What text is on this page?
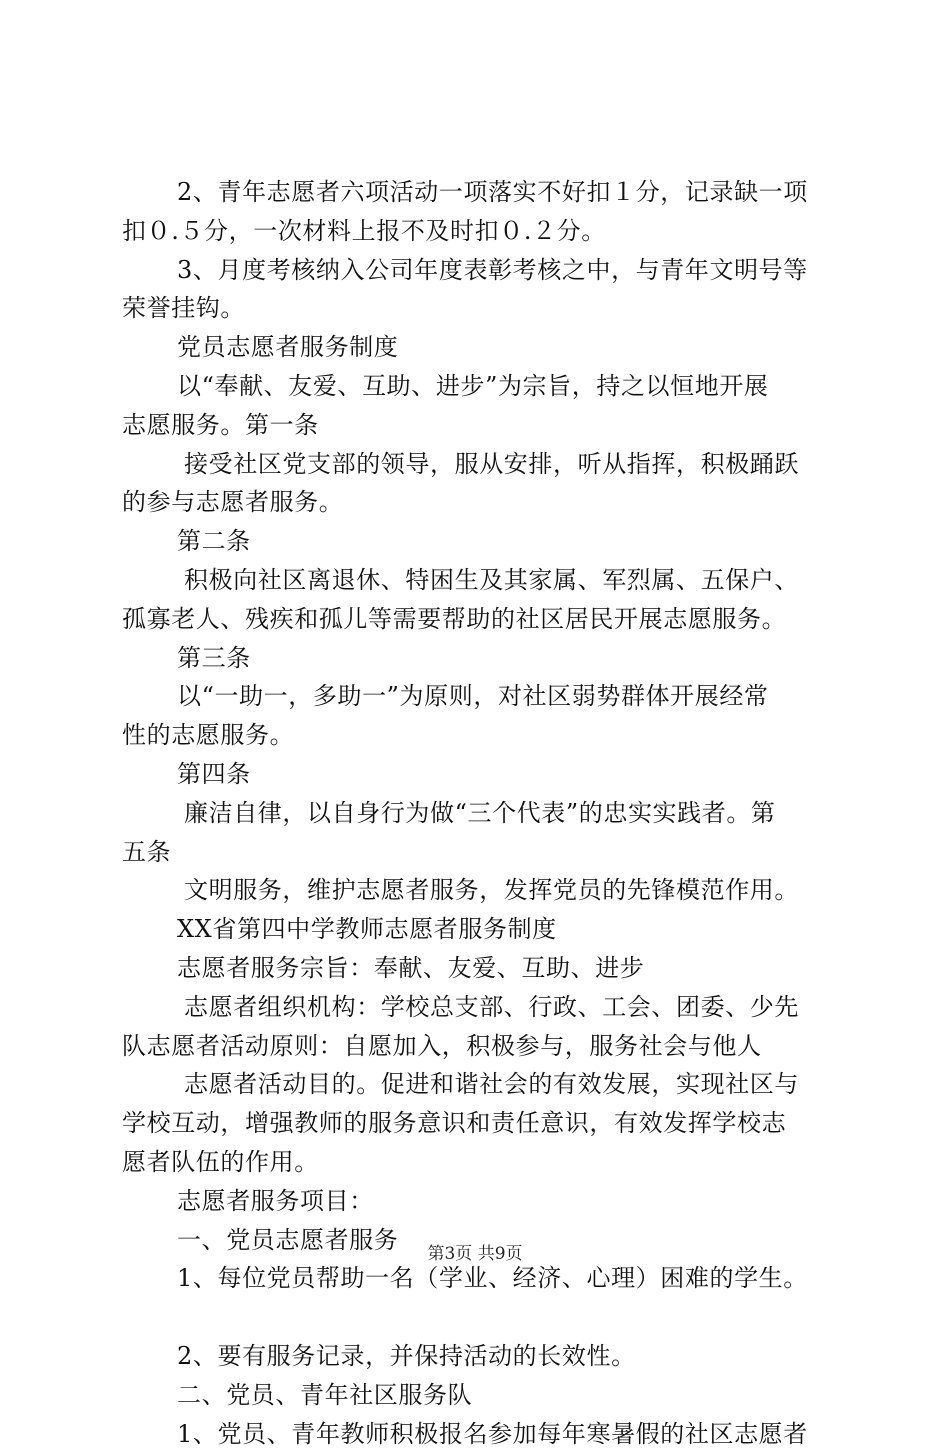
2、青年志愿者六项活动一项落实不好扣１分，记录缺一项
扣０.５分，一次材料上报不及时扣０.２分。
3、月度考核纳入公司年度表彰考核之中，与青年文明号等
荣誉挂钩。
党员志愿者服务制度
以“奉献、友爱、互助、进步”为宗旨，持之以恒地开展
志愿服务。第一条
接受社区党支部的领导，服从安排，听从指挥，积极踊跃
的参与志愿者服务。
第二条
积极向社区离退休、特困生及其家属、军烈属、五保户、
孤寡老人、残疾和孤儿等需要帮助的社区居民开展志愿服务。
第三条
以“一助一，多助一”为原则，对社区弱势群体开展经常
性的志愿服务。
第四条
廉洁自律，以自身行为做“三个代表”的忠实实践者。第
五条
文明服务，维护志愿者服务，发挥党员的先锋模范作用。
XX省第四中学教师志愿者服务制度
志愿者服务宗旨：奉献、友爱、互助、进步
志愿者组织机构：学校总支部、行政、工会、团委、少先
队志愿者活动原则：自愿加入，积极参与，服务社会与他人
志愿者活动目的。促进和谐社会的有效发展，实现社区与
学校互动，增强教师的服务意识和责任意识，有效发挥学校志
愿者队伍的作用。
志愿者服务项目：
一、党员志愿者服务
1、每位党员帮助一名（学业、经济、心理）困难的学生。
2、要有服务记录，并保持活动的长效性。
二、党员、青年社区服务队
1、党员、青年教师积极报名参加每年寒暑假的社区志愿者
第3页 共9页
